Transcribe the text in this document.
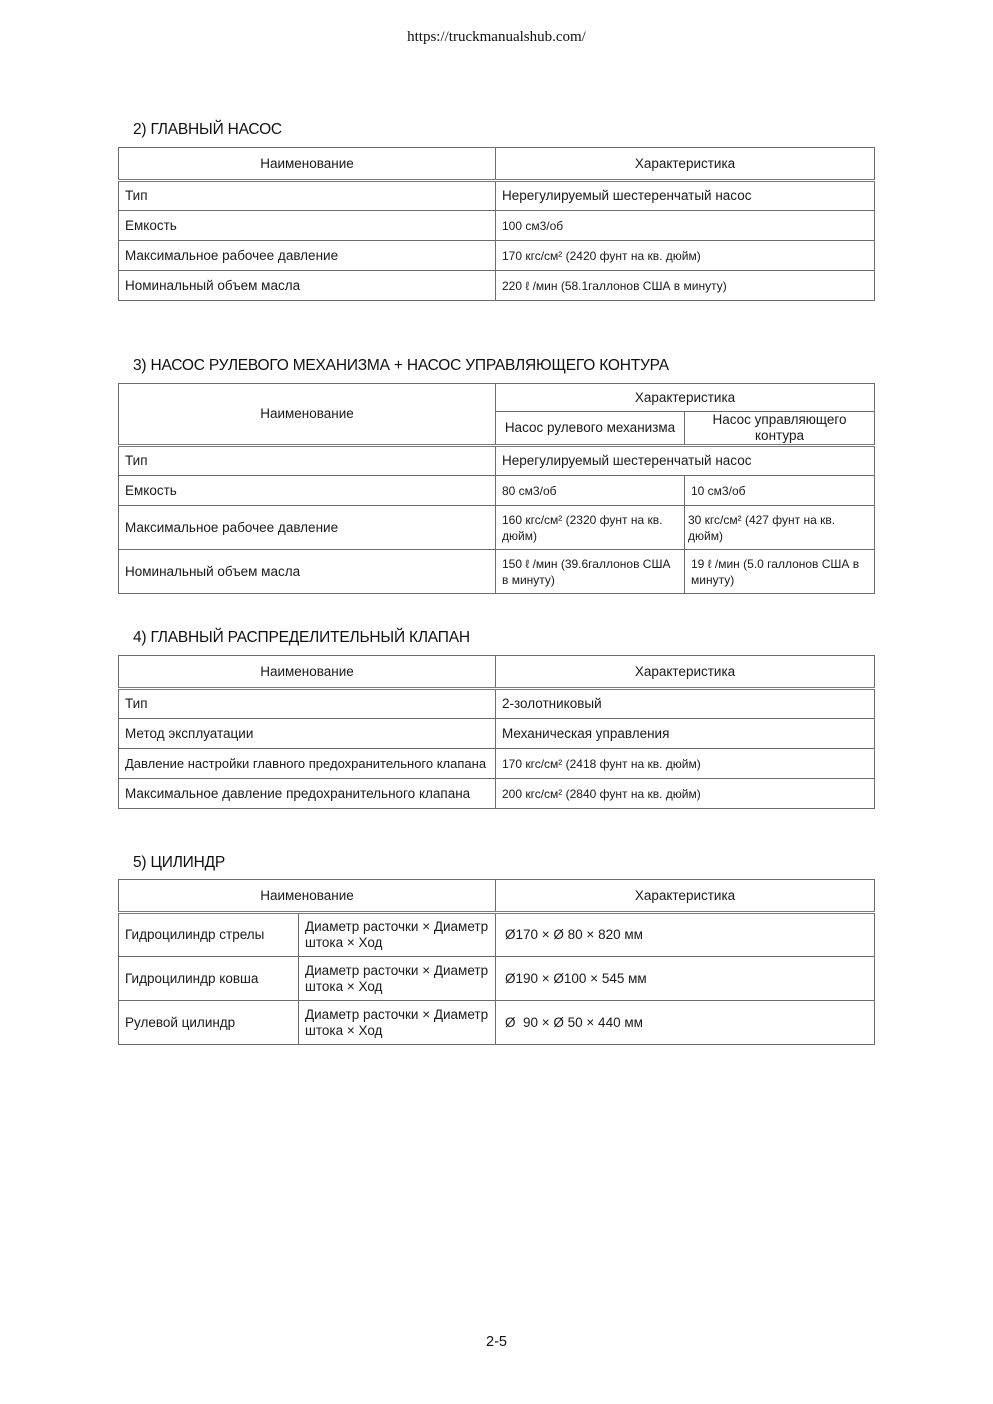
https://truckmanualshub.com/
2) ГЛАВНЫЙ НАСОС
Наименование	Характеристика
Тип	Нерегулируемый шестеренчатый насос
Емкость	100 см3/об
Максимальное рабочее давление	170 кгс/см² (2420 фунт на кв. дюйм)
Номинальный объем масла	220 ℓ /мин (58.1галлонов США в минуту)
3) НАСОС РУЛЕВОГО МЕХАНИЗМА + НАСОС УПРАВЛЯЮЩЕГО КОНТУРА
Наименование	Характеристика	
	Насос рулевого механизма	Насос управляющего контура
Тип	Нерегулируемый шестеренчатый насос	
Емкость	80 см3/об	10 см3/об
Максимальное рабочее давление	160 кгс/см² (2320 фунт на кв. дюйм)	30 кгс/см² (427 фунт на кв. дюйм)
Номинальный объем масла	150 ℓ /мин (39.6галлонов США в минуту)	19 ℓ /мин (5.0 галлонов США в минуту)
4) ГЛАВНЫЙ РАСПРЕДЕЛИТЕЛЬНЫЙ КЛАПАН
Наименование	Характеристика
Тип	2-золотниковый
Метод эксплуатации	Механическая управления
Давление настройки главного предохранительного клапана	170 кгс/см² (2418 фунт на кв. дюйм)
Максимальное давление предохранительного клапана	200 кгс/см² (2840 фунт на кв. дюйм)
5) ЦИЛИНДР
Наименование		Характеристика
Гидроцилиндр стрелы	Диаметр расточки × Диаметр штока × Ход	Ø170 × Ø 80 × 820 мм
Гидроцилиндр ковша	Диаметр расточки × Диаметр штока × Ход	Ø190 × Ø100 × 545 мм
Рулевой цилиндр	Диаметр расточки × Диаметр штока × Ход	Ø  90 × Ø 50 × 440 мм
2-5
